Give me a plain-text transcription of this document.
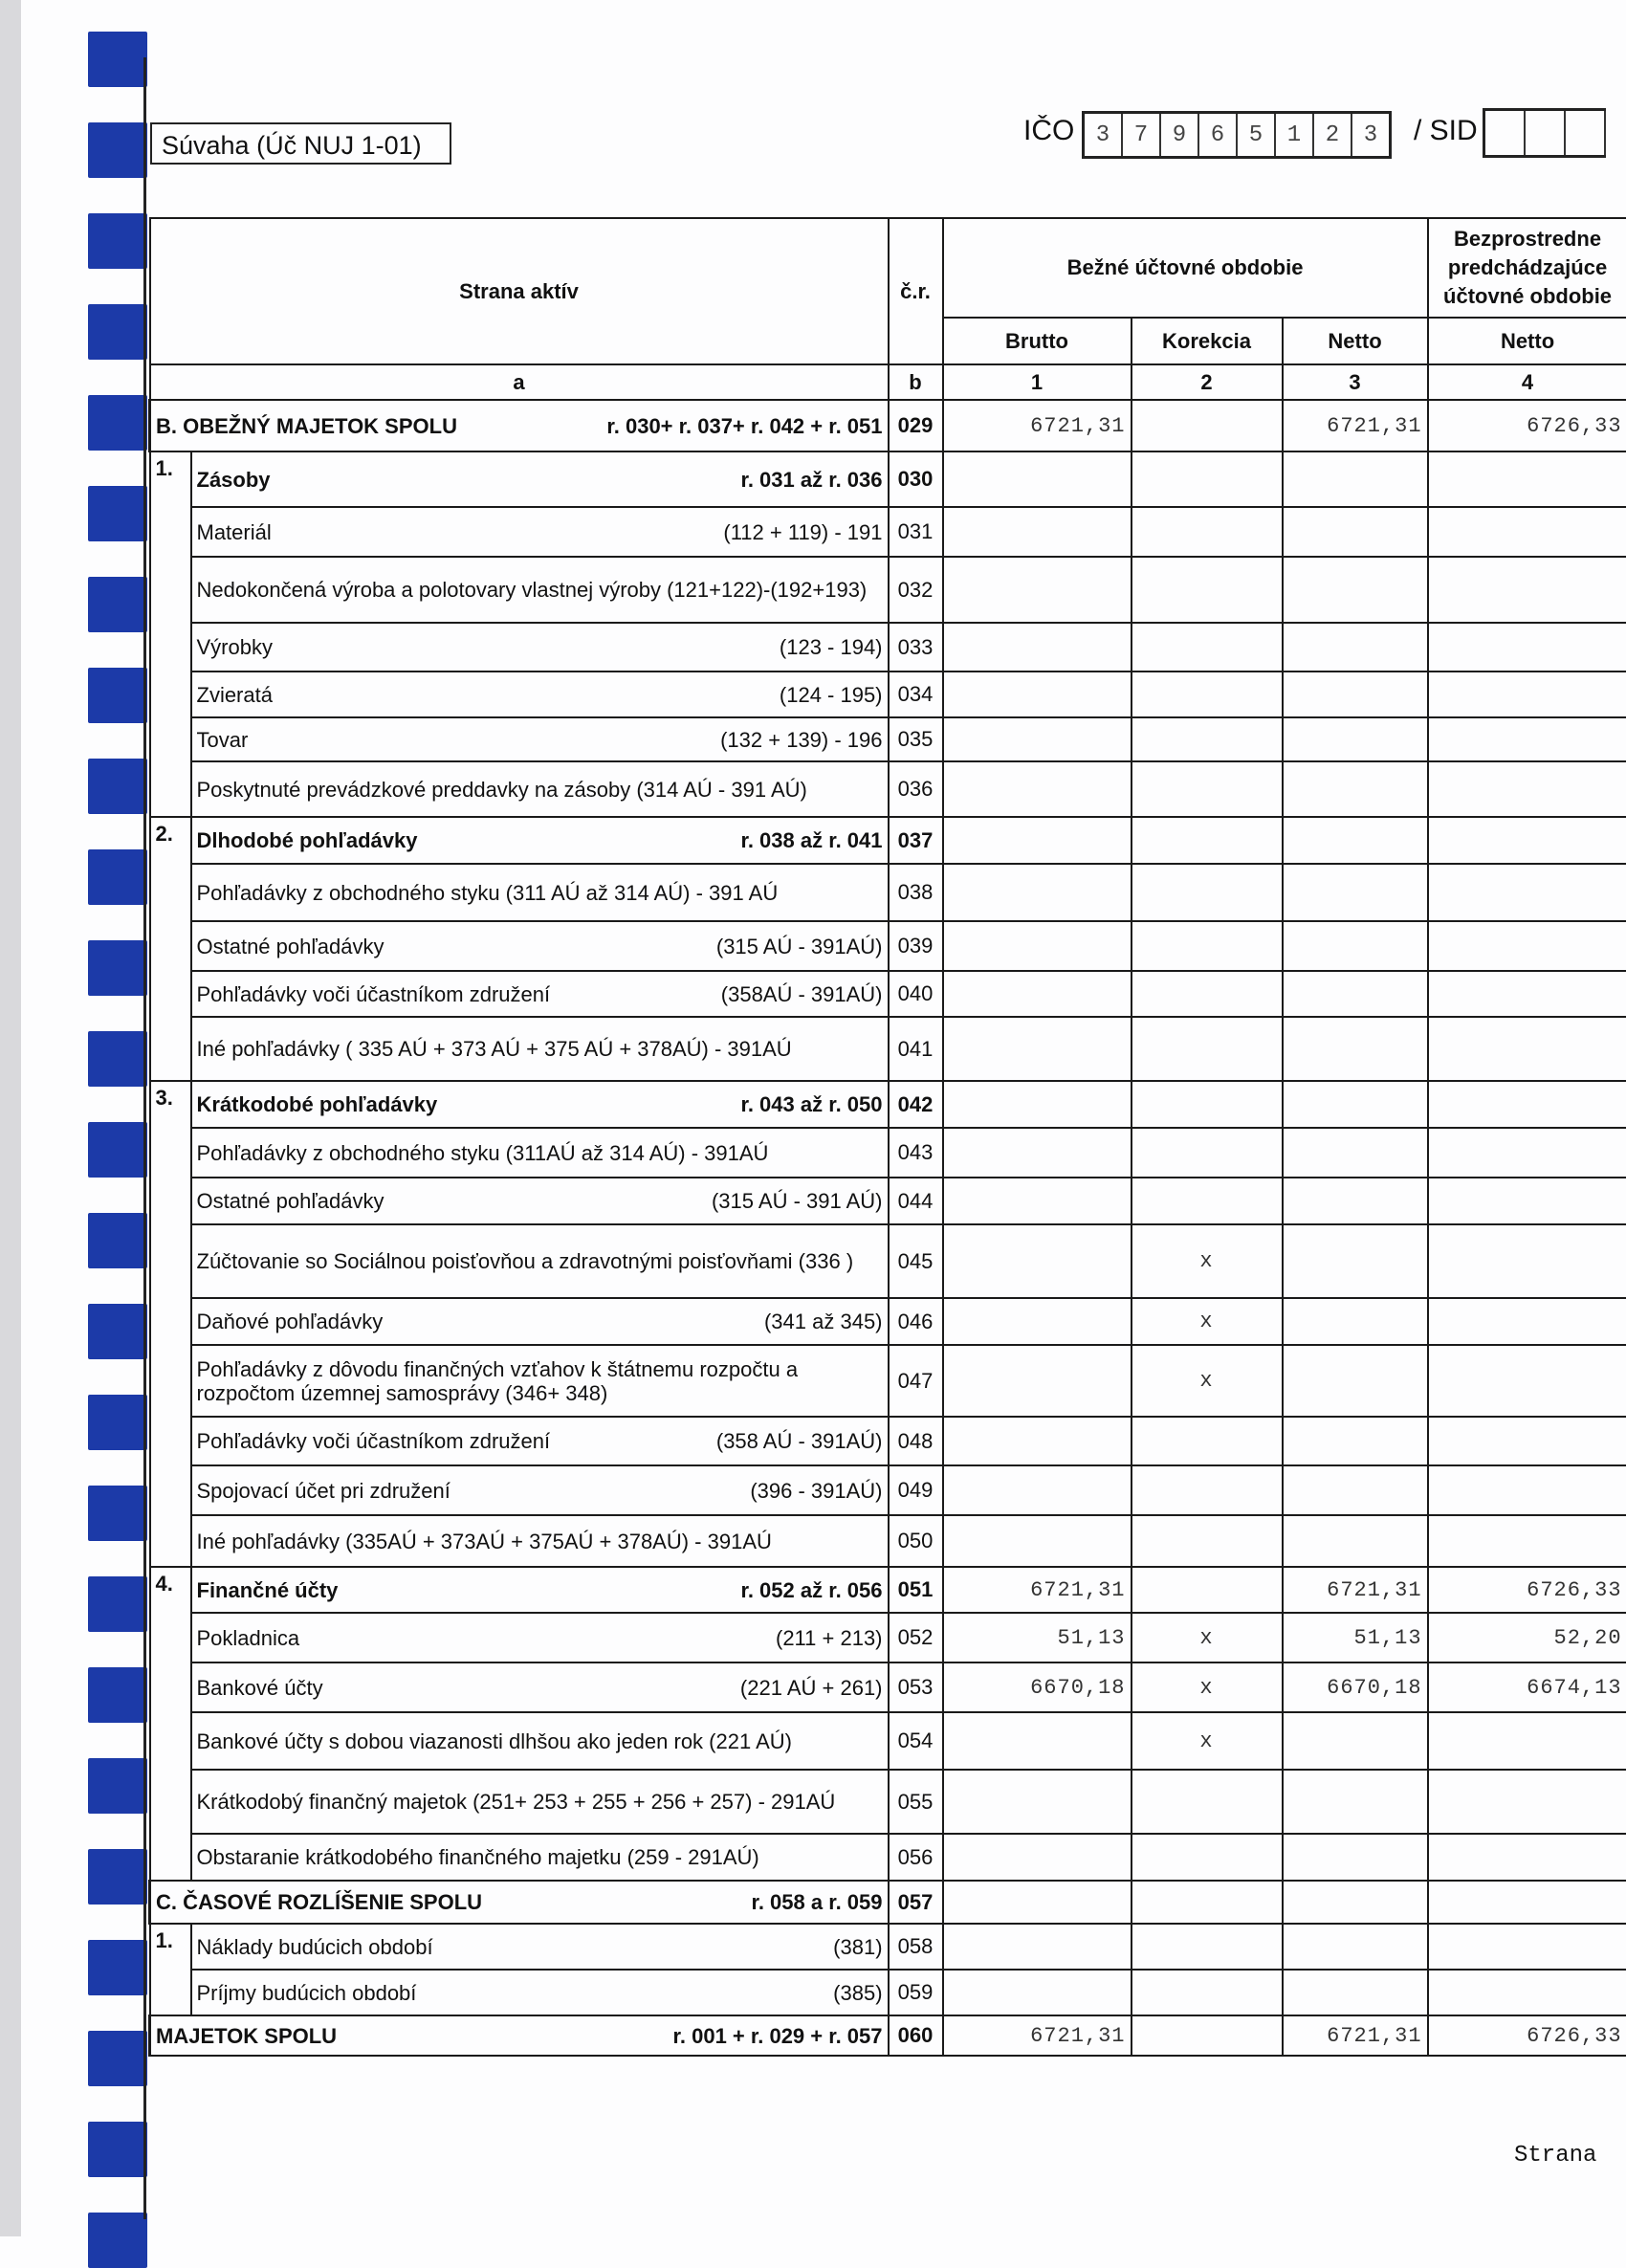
Súvaha (Úč NUJ 1-01)	IČO 3	7	9	6	5	1	2	3	/ SID
Strana aktív		č.r.	Bežné účtovné obdobie			Bezprostredne predchádzajúce účtovné obdobie
			Brutto	Korekcia	Netto	Netto
a		b	1	2	3	4

B. OBEŽNÝ MAJETOK SPOLU r. 030+ r. 037+ r. 042 + r. 051		029	6721,31		6721,31	6726,33
1.	Zásoby r. 031 až r. 036	030				

	Materiál (112 + 119) - 191	031				

	Nedokončená výroba a polotovary vlastnej výroby (121+122)-(192+193)	032				

	Výrobky (123 - 194)	033				

	Zvieratá (124 - 195)	034				

	Tovar (132 + 139) - 196	035				

	Poskytnuté prevádzkové preddavky na zásoby (314 AÚ - 391 AÚ)	036				
2.	Dlhodobé pohľadávky r. 038 až r. 041	037				

	Pohľadávky z obchodného styku (311 AÚ až 314 AÚ) - 391 AÚ	038				

	Ostatné pohľadávky (315 AÚ - 391AÚ)	039				

	Pohľadávky voči účastníkom združení (358AÚ - 391AÚ)	040				

	Iné pohľadávky ( 335 AÚ + 373 AÚ + 375 AÚ + 378AÚ) - 391AÚ	041				
3.	Krátkodobé pohľadávky r. 043 až r. 050	042				

	Pohľadávky z obchodného styku (311AÚ až 314 AÚ) - 391AÚ	043				

	Ostatné pohľadávky (315 AÚ - 391 AÚ)	044				

	Zúčtovanie so Sociálnou poisťovňou a zdravotnými poisťovňami (336 )	045		x		

	Daňové pohľadávky (341 až 345)	046		x		

	Pohľadávky z dôvodu finančných vzťahov k štátnemu rozpočtu a rozpočtom územnej samosprávy (346+ 348)	047		x		

	Pohľadávky voči účastníkom združení (358 AÚ - 391AÚ)	048				

	Spojovací účet pri združení (396 - 391AÚ)	049				

	Iné pohľadávky (335AÚ + 373AÚ + 375AÚ + 378AÚ) - 391AÚ	050				
4.	Finančné účty r. 052 až r. 056	051	6721,31		6721,31	6726,33

	Pokladnica (211 + 213)	052	51,13	x	51,13	52,20

	Bankové účty (221 AÚ + 261)	053	6670,18	x	6670,18	6674,13

	Bankové účty s dobou viazanosti dlhšou ako jeden rok (221 AÚ)	054		x		

	Krátkodobý finančný majetok (251+ 253 + 255 + 256 + 257) - 291AÚ	055				

	Obstaranie krátkodobého finančného majetku (259 - 291AÚ)	056				

C. ČASOVÉ ROZLÍŠENIE SPOLU r. 058 a r. 059		057				
1.	Náklady budúcich období (381)	058				

	Príjmy budúcich období (385)	059				

MAJETOK SPOLU r. 001 + r. 029 + r. 057		060	6721,31		6721,31	6726,33
Strana
